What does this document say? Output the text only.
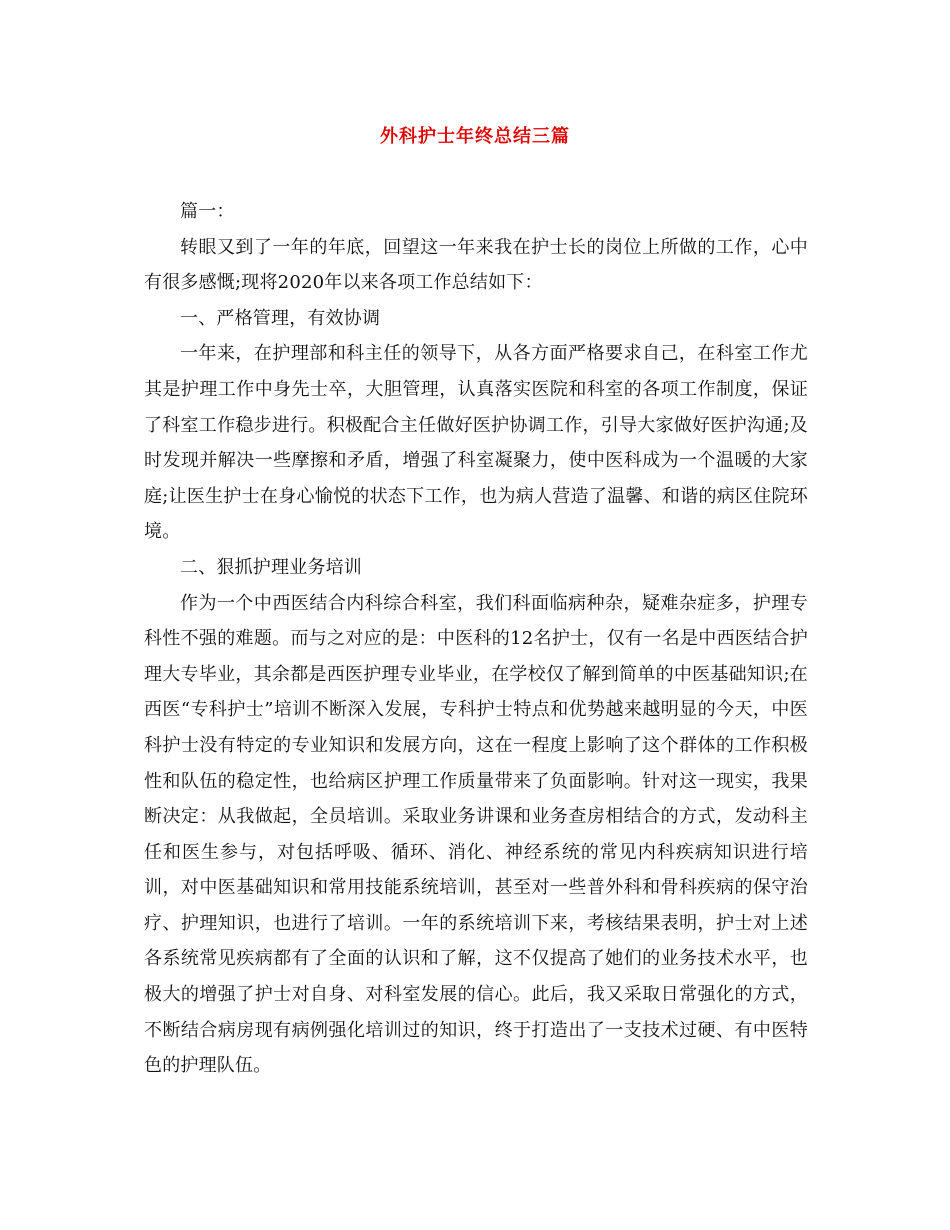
外科护士年终总结三篇

篇一：

转眼又到了一年的年底，回望这一年来我在护士长的岗位上所做的工作，心中有很多感慨;现将2020年以来各项工作总结如下：

一、严格管理，有效协调

一年来，在护理部和科主任的领导下，从各方面严格要求自己，在科室工作尤其是护理工作中身先士卒，大胆管理，认真落实医院和科室的各项工作制度，保证了科室工作稳步进行。积极配合主任做好医护协调工作，引导大家做好医护沟通;及时发现并解决一些摩擦和矛盾，增强了科室凝聚力，使中医科成为一个温暖的大家庭;让医生护士在身心愉悦的状态下工作，也为病人营造了温馨、和谐的病区住院环境。

二、狠抓护理业务培训

作为一个中西医结合内科综合科室，我们科面临病种杂，疑难杂症多，护理专科性不强的难题。而与之对应的是：中医科的12名护士，仅有一名是中西医结合护理大专毕业，其余都是西医护理专业毕业，在学校仅了解到简单的中医基础知识;在西医“专科护士”培训不断深入发展，专科护士特点和优势越来越明显的今天，中医科护士没有特定的专业知识和发展方向，这在一程度上影响了这个群体的工作积极性和队伍的稳定性，也给病区护理工作质量带来了负面影响。针对这一现实，我果断决定：从我做起，全员培训。采取业务讲课和业务查房相结合的方式，发动科主任和医生参与，对包括呼吸、循环、消化、神经系统的常见内科疾病知识进行培训，对中医基础知识和常用技能系统培训，甚至对一些普外科和骨科疾病的保守治疗、护理知识，也进行了培训。一年的系统培训下来，考核结果表明，护士对上述各系统常见疾病都有了全面的认识和了解，这不仅提高了她们的业务技术水平，也极大的增强了护士对自身、对科室发展的信心。此后，我又采取日常强化的方式，不断结合病房现有病例强化培训过的知识，终于打造出了一支技术过硬、有中医特色的护理队伍。
